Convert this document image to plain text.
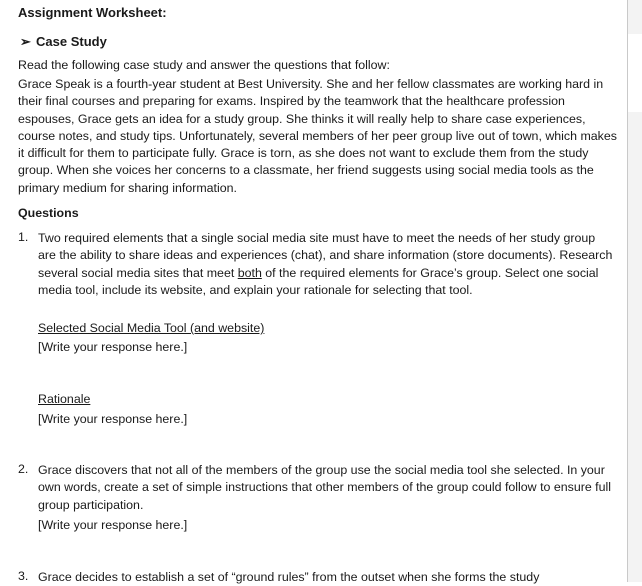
Assignment Worksheet:
➢ Case Study
Read the following case study and answer the questions that follow:
Grace Speak is a fourth-year student at Best University. She and her fellow classmates are working hard in their final courses and preparing for exams. Inspired by the teamwork that the healthcare profession espouses, Grace gets an idea for a study group. She thinks it will really help to share case experiences, course notes, and study tips. Unfortunately, several members of her peer group live out of town, which makes it difficult for them to participate fully. Grace is torn, as she does not want to exclude them from the study group. When she voices her concerns to a classmate, her friend suggests using social media tools as the primary medium for sharing information.
Questions
1. Two required elements that a single social media site must have to meet the needs of her study group are the ability to share ideas and experiences (chat), and share information (store documents). Research several social media sites that meet both of the required elements for Grace’s group. Select one social media tool, include its website, and explain your rationale for selecting that tool.
Selected Social Media Tool (and website)
[Write your response here.]
Rationale
[Write your response here.]
2. Grace discovers that not all of the members of the group use the social media tool she selected. In your own words, create a set of simple instructions that other members of the group could follow to ensure full group participation.
[Write your response here.]
3. Grace decides to establish a set of “ground rules” from the outset when she forms the study
